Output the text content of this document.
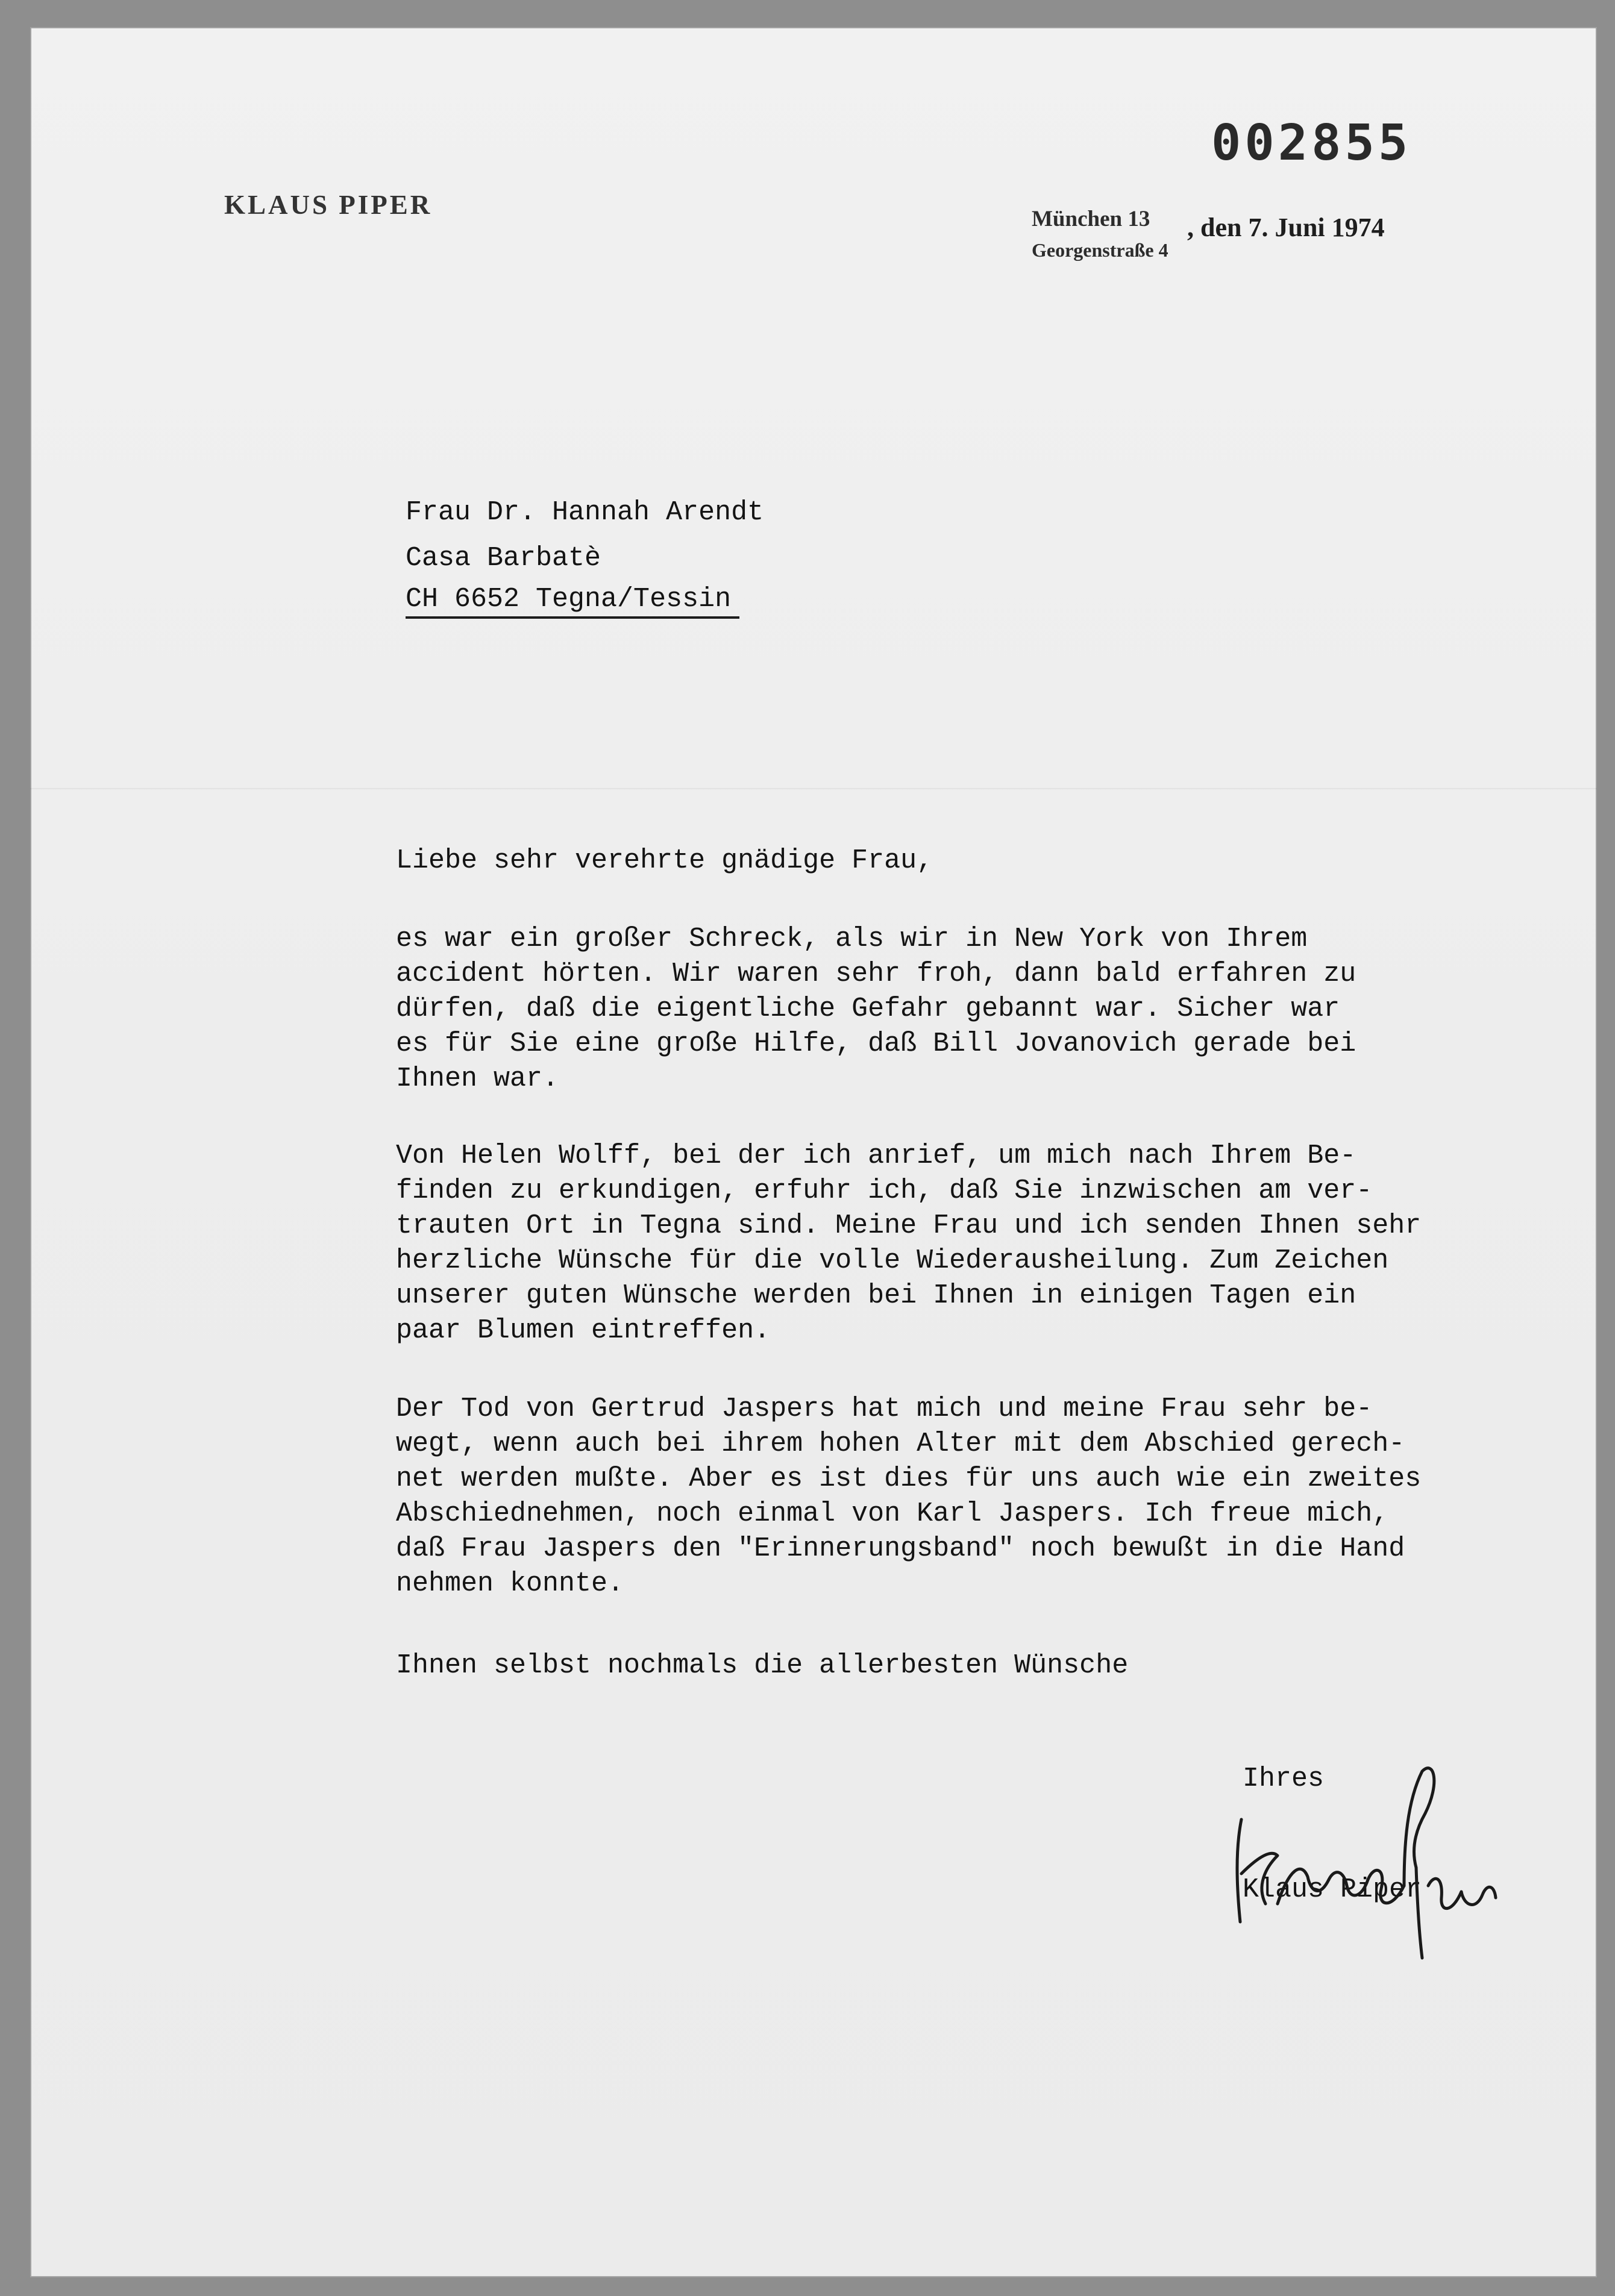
002855

KLAUS PIPER	München 13 , den 7. Juni 1974

Georgenstraße 4

Frau Dr. Hannah Arendt

Casa Barbatè

CH 6652 Tegna/Tessin

Liebe sehr verehrte gnädige Frau,

es war ein großer Schreck, als wir in New York von Ihrem
accident hörten. Wir waren sehr froh, dann bald erfahren zu
dürfen, daß die eigentliche Gefahr gebannt war. Sicher war
es für Sie eine große Hilfe, daß Bill Jovanovich gerade bei
Ihnen war.
Von Helen Wolff, bei der ich anrief, um mich nach Ihrem Be-
finden zu erkundigen, erfuhr ich, daß Sie inzwischen am ver-
trauten Ort in Tegna sind. Meine Frau und ich senden Ihnen sehr
herzliche Wünsche für die volle Wiederausheilung. Zum Zeichen
unserer guten Wünsche werden bei Ihnen in einigen Tagen ein
paar Blumen eintreffen.
Der Tod von Gertrud Jaspers hat mich und meine Frau sehr be-
wegt, wenn auch bei ihrem hohen Alter mit dem Abschied gerech-
net werden mußte. Aber es ist dies für uns auch wie ein zweites
Abschiednehmen, noch einmal von Karl Jaspers. Ich freue mich,
daß Frau Jaspers den "Erinnerungsband" noch bewußt in die Hand
nehmen konnte.

Ihnen selbst nochmals die allerbesten Wünsche

Ihres

Klaus Piper
